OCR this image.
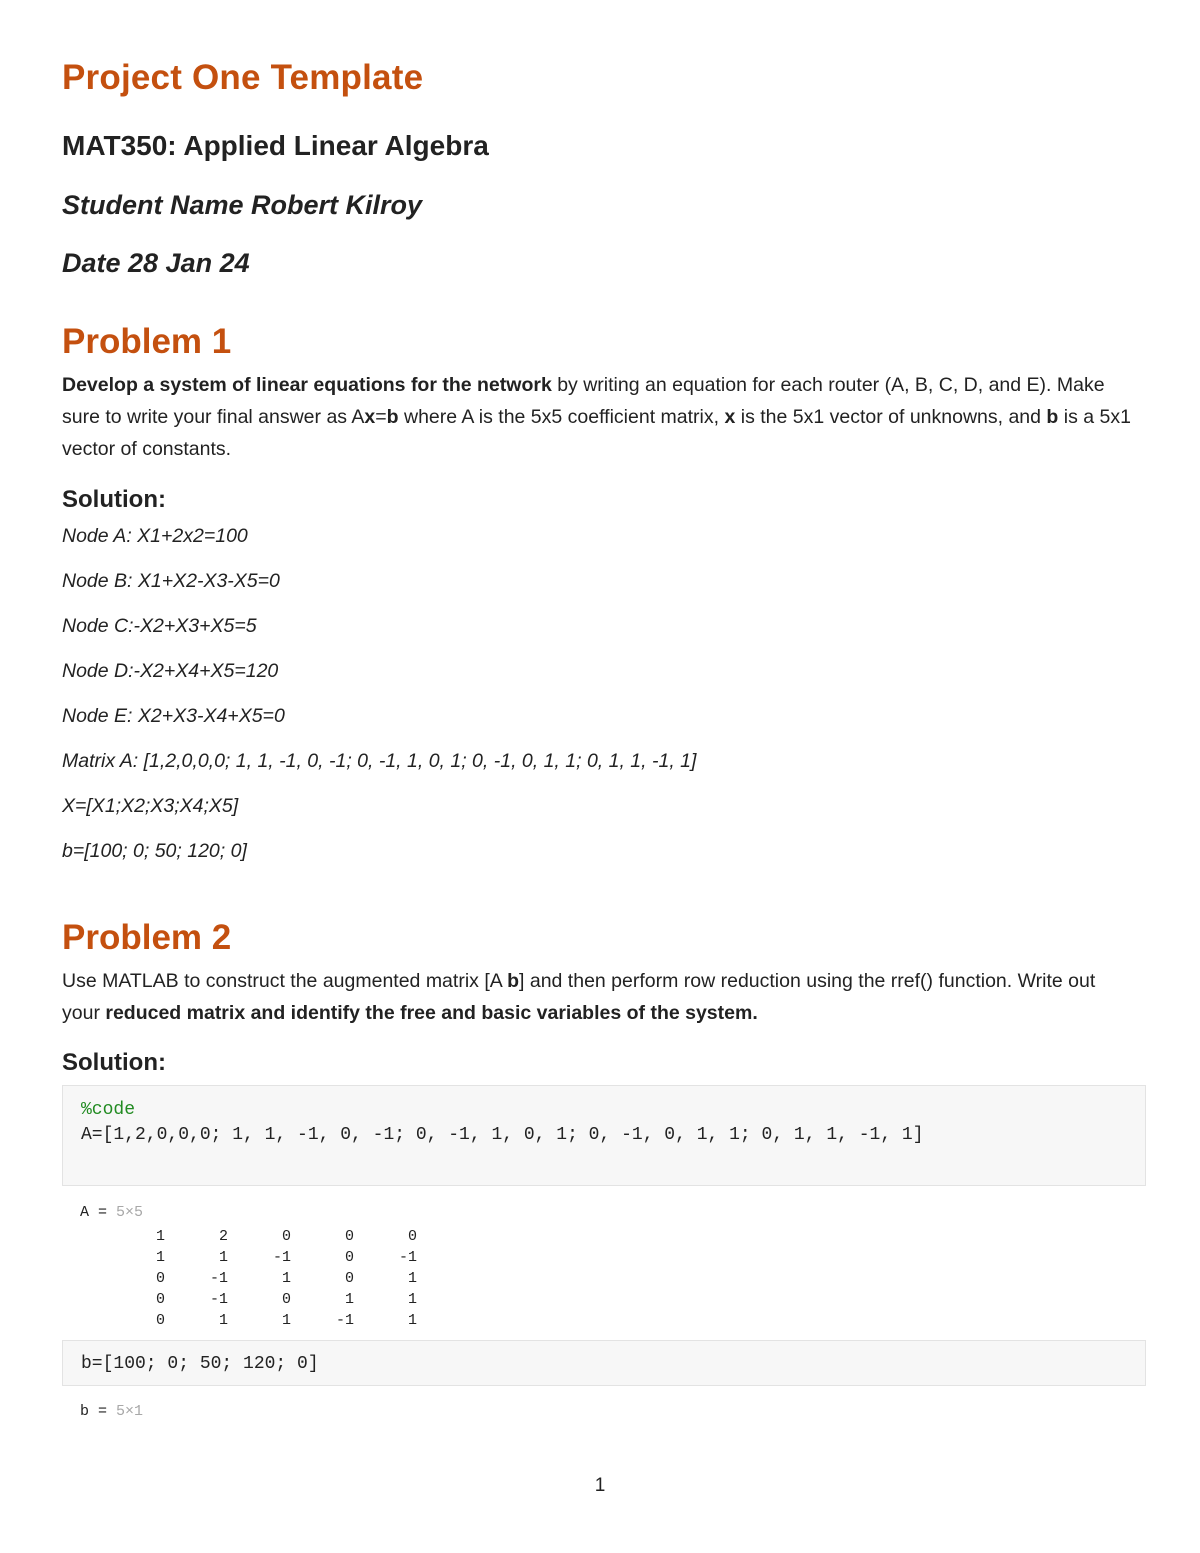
Project One Template
MAT350: Applied Linear Algebra
Student Name Robert Kilroy
Date 28 Jan 24
Problem 1

Develop a system of linear equations for the network by writing an equation for each router (A, B, C, D, and E). Make sure to write your final answer as Ax=b where A is the 5x5 coefficient matrix, x is the 5x1 vector of unknowns, and b is a 5x1 vector of constants.

Solution:

Node A: X1+2x2=100

Node B: X1+X2-X3-X5=0

Node C:-X2+X3+X5=5

Node D:-X2+X4+X5=120

Node E: X2+X3-X4+X5=0

Matrix A: [1,2,0,0,0; 1, 1, -1, 0, -1; 0, -1, 1, 0, 1; 0, -1, 0, 1, 1; 0, 1, 1, -1, 1]

X=[X1;X2;X3;X4;X5]

b=[100; 0; 50; 120; 0]

Problem 2

Use MATLAB to construct the augmented matrix [A b] and then perform row reduction using the rref() function. Write out your reduced matrix and identify the free and basic variables of the system.

Solution:
%code
A=[1,2,0,0,0; 1, 1, -1, 0, -1; 0, -1, 1, 0, 1; 0, -1, 0, 1, 1; 0, 1, 1, -1, 1]

A = 5×5

1	2	0	0	0
1	1	-1	0	-1
0	-1	1	0	1
0	-1	0	1	1
0	1	1	-1	1
b=[100; 0; 50; 120; 0]

b = 5×1

1
